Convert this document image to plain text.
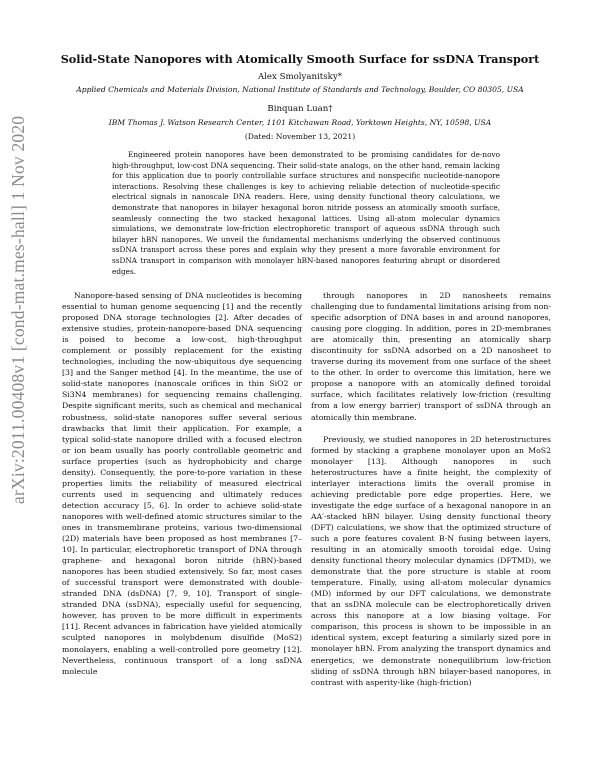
arXiv:2011.00408v1 [cond-mat.mes-hall] 1 Nov 2020
Solid-State Nanopores with Atomically Smooth Surface for ssDNA Transport
Alex Smolyanitsky*
Applied Chemicals and Materials Division, National Institute of Standards and Technology, Boulder, CO 80305, USA
Binquan Luan†
IBM Thomas J. Watson Research Center, 1101 Kitchawan Road, Yorktown Heights, NY, 10598, USA
(Dated: November 13, 2021)
Engineered protein nanopores have been demonstrated to be promising candidates for de-novo high-throughput, low-cost DNA sequencing. Their solid-state analogs, on the other hand, remain lacking for this application due to poorly controllable surface structures and nonspecific nucleotide-nanopore interactions. Resolving these challenges is key to achieving reliable detection of nucleotide-specific electrical signals in nanoscale DNA readers. Here, using density functional theory calculations, we demonstrate that nanopores in bilayer hexagonal boron nitride possess an atomically smooth surface, seamlessly connecting the two stacked hexagonal lattices. Using all-atom molecular dynamics simulations, we demonstrate low-friction electrophoretic transport of aqueous ssDNA through such bilayer hBN nanopores. We unveil the fundamental mechanisms underlying the observed continuous ssDNA transport across these pores and explain why they present a more favorable environment for ssDNA transport in comparison with monolayer hBN-based nanopores featuring abrupt or disordered edges.

Nanopore-based sensing of DNA nucleotides is becoming essential to human genome sequencing [1] and the recently proposed DNA storage technologies [2]. After decades of extensive studies, protein-nanopore-based DNA sequencing is poised to become a low-cost, high-throughput complement or possibly replacement for the existing technologies, including the now-ubiquitous dye sequencing [3] and the Sanger method [4]. In the meantime, the use of solid-state nanopores (nanoscale orifices in thin SiO2 or Si3N4 membranes) for sequencing remains challenging. Despite significant merits, such as chemical and mechanical robustness, solid-state nanopores suffer several serious drawbacks that limit their application. For example, a typical solid-state nanopore drilled with a focused electron or ion beam usually has poorly controllable geometric and surface properties (such as hydrophobicity and charge density). Consequently, the pore-to-pore variation in these properties limits the reliability of measured electrical currents used in sequencing and ultimately reduces detection accuracy [5, 6]. In order to achieve solid-state nanopores with well-defined atomic structures similar to the ones in transmembrane proteins, various two-dimensional (2D) materials have been proposed as host membranes [7–10]. In particular, electrophoretic transport of DNA through graphene- and hexagonal boron nitride (hBN)-based nanopores has been studied extensively. So far, most cases of successful transport were demonstrated with double-stranded DNA (dsDNA) [7, 9, 10]. Transport of single-stranded DNA (ssDNA), especially useful for sequencing, however, has proven to be more difficult in experiments [11]. Recent advances in fabrication have yielded atomically sculpted nanopores in molybdenum disulfide (MoS2) monolayers, enabling a well-controlled pore geometry [12]. Nevertheless, continuous transport of a long ssDNA molecule

through nanopores in 2D nanosheets remains challenging due to fundamental limitations arising from non-specific adsorption of DNA bases in and around nanopores, causing pore clogging. In addition, pores in 2D-membranes are atomically thin, presenting an atomically sharp discontinuity for ssDNA adsorbed on a 2D nanosheet to traverse during its movement from one surface of the sheet to the other. In order to overcome this limitation, here we propose a nanopore with an atomically defined toroidal surface, which facilitates relatively low-friction (resulting from a low energy barrier) transport of ssDNA through an atomically thin membrane.

Previously, we studied nanopores in 2D heterostructures formed by stacking a graphene monolayer upon an MoS2 monolayer [13]. Although nanopores in such heterostructures have a finite height, the complexity of interlayer interactions limits the overall promise in achieving predictable pore edge properties. Here, we investigate the edge surface of a hexagonal nanopore in an AA′-stacked hBN bilayer. Using density functional theory (DFT) calculations, we show that the optimized structure of such a pore features covalent B-N fusing between layers, resulting in an atomically smooth toroidal edge. Using density functional theory molecular dynamics (DFTMD), we demonstrate that the pore structure is stable at room temperature. Finally, using all-atom molecular dynamics (MD) informed by our DFT calculations, we demonstrate that an ssDNA molecule can be electrophoretically driven across this nanopore at a low biasing voltage. For comparison, this process is shown to be impossible in an identical system, except featuring a similarly sized pore in monolayer hBN. From analyzing the transport dynamics and energetics, we demonstrate nonequilibrium low-friction sliding of ssDNA through hBN bilayer-based nanopores, in contrast with asperity-like (high-friction)
